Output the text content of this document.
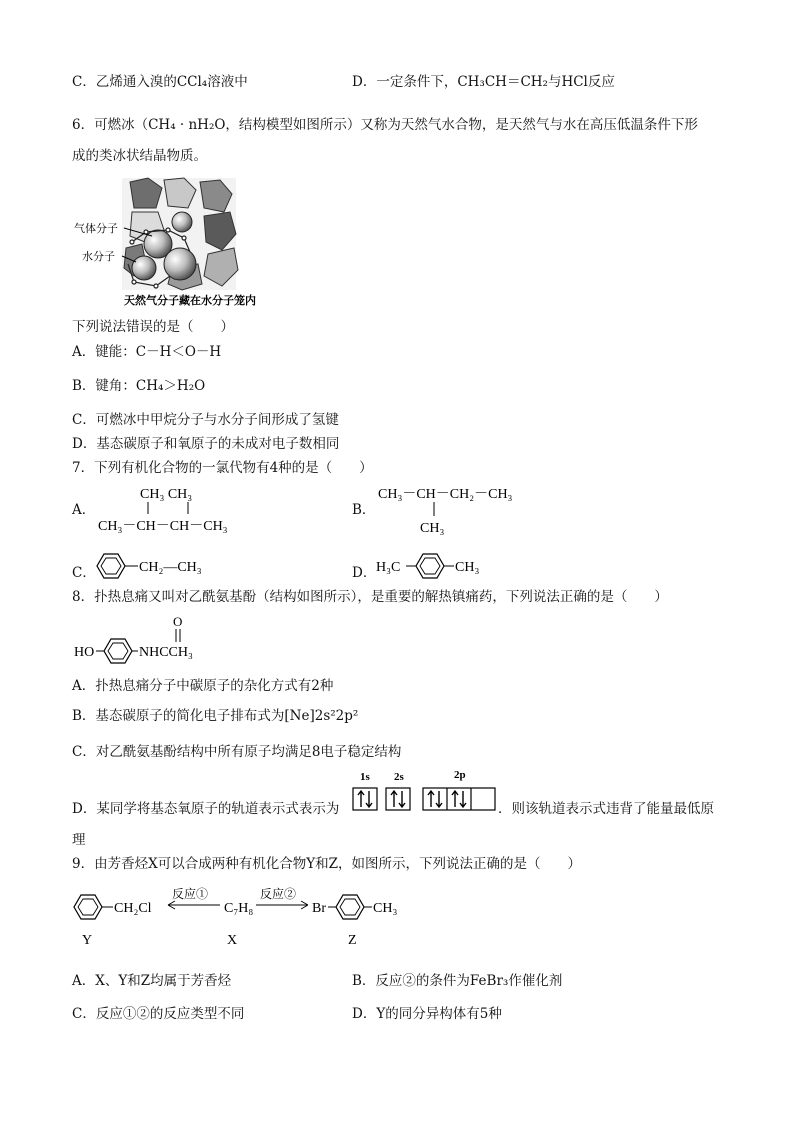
C．乙烯通入溴的CCl₄溶液中	D．一定条件下，CH₃CH＝CH₂与HCl反应
6．可燃冰（CH₄ · nH₂O，结构模型如图所示）又称为天然气水合物，是天然气与水在高压低温条件下形
成的类冰状结晶物质。
气体分子
水分子
天然气分子藏在水分子笼内
下列说法错误的是（　　）
A．键能：C－H＜O－H
B．键角：CH₄＞H₂O
C．可燃冰中甲烷分子与水分子间形成了氢键
D．基态碳原子和氧原子的未成对电子数相同
7．下列有机化合物的一氯代物有4种的是（　　）
A．
CH₃ CH₃
CH₃－CH－CH－CH₃
B．
CH₃－CH－CH₂－CH₃
CH₃
C．	CH₂—CH₃	D． H₃C	CH₃
8．扑热息痛又叫对乙酰氨基酚（结构如图所示），是重要的解热镇痛药，下列说法正确的是（　　）
HO	NHCCH₃
O
A．扑热息痛分子中碳原子的杂化方式有2种
B．基态碳原子的简化电子排布式为[Ne]2s²2p²
C．对乙酰氨基酚结构中所有原子均满足8电子稳定结构
D．某同学将基态氧原子的轨道表示式表示为
1s 2s	2p
．则该轨道表示式违背了能量最低原
理
9．由芳香烃X可以合成两种有机化合物Y和Z，如图所示，下列说法正确的是（　　）
CH₂Cl
反应①
C₇H₈
反应②
Br	CH₃
Y	X	Z
A．X、Y和Z均属于芳香烃	B．反应②的条件为FeBr₃作催化剂
C．反应①②的反应类型不同	D．Y的同分异构体有5种
